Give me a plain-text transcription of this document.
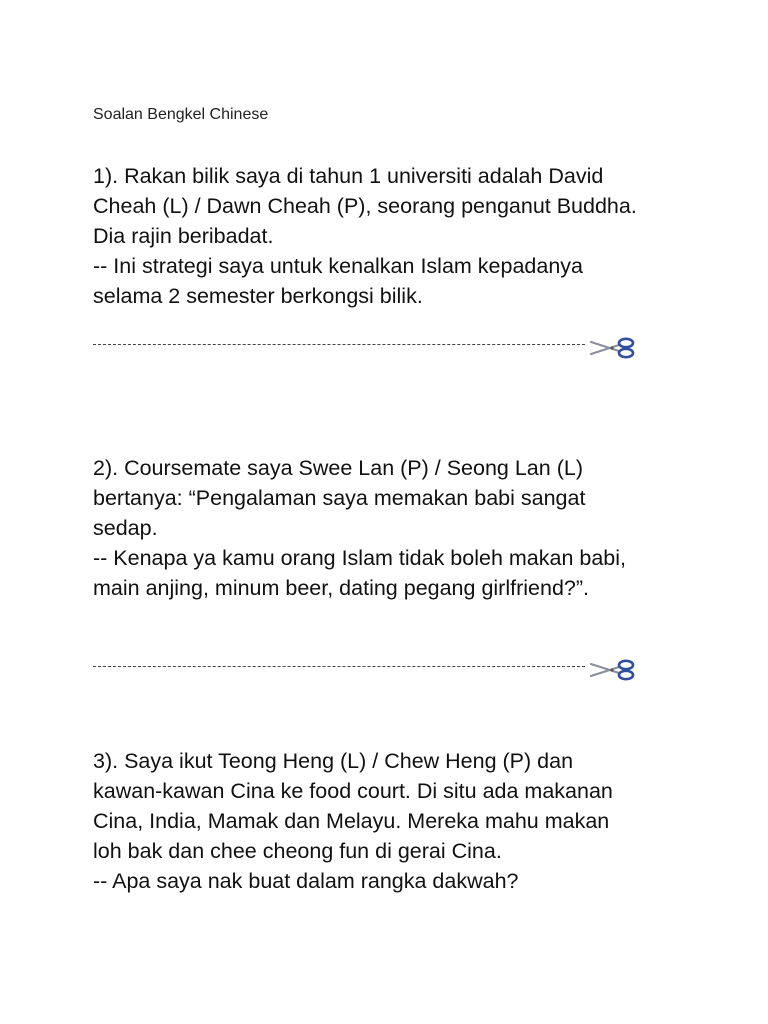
Soalan Bengkel Chinese
1). Rakan bilik saya di tahun 1 universiti adalah David
Cheah (L) / Dawn Cheah (P), seorang penganut Buddha.
Dia rajin beribadat.
-- Ini strategi saya untuk kenalkan Islam kepadanya
selama 2 semester berkongsi bilik.
2). Coursemate saya Swee Lan (P) / Seong Lan (L)
bertanya: “Pengalaman saya memakan babi sangat
sedap.
-- Kenapa ya kamu orang Islam tidak boleh makan babi,
main anjing, minum beer, dating pegang girlfriend?”.
3). Saya ikut Teong Heng (L) / Chew Heng (P) dan
kawan-kawan Cina ke food court. Di situ ada makanan
Cina, India, Mamak dan Melayu. Mereka mahu makan
loh bak dan chee cheong fun di gerai Cina.
-- Apa saya nak buat dalam rangka dakwah?
